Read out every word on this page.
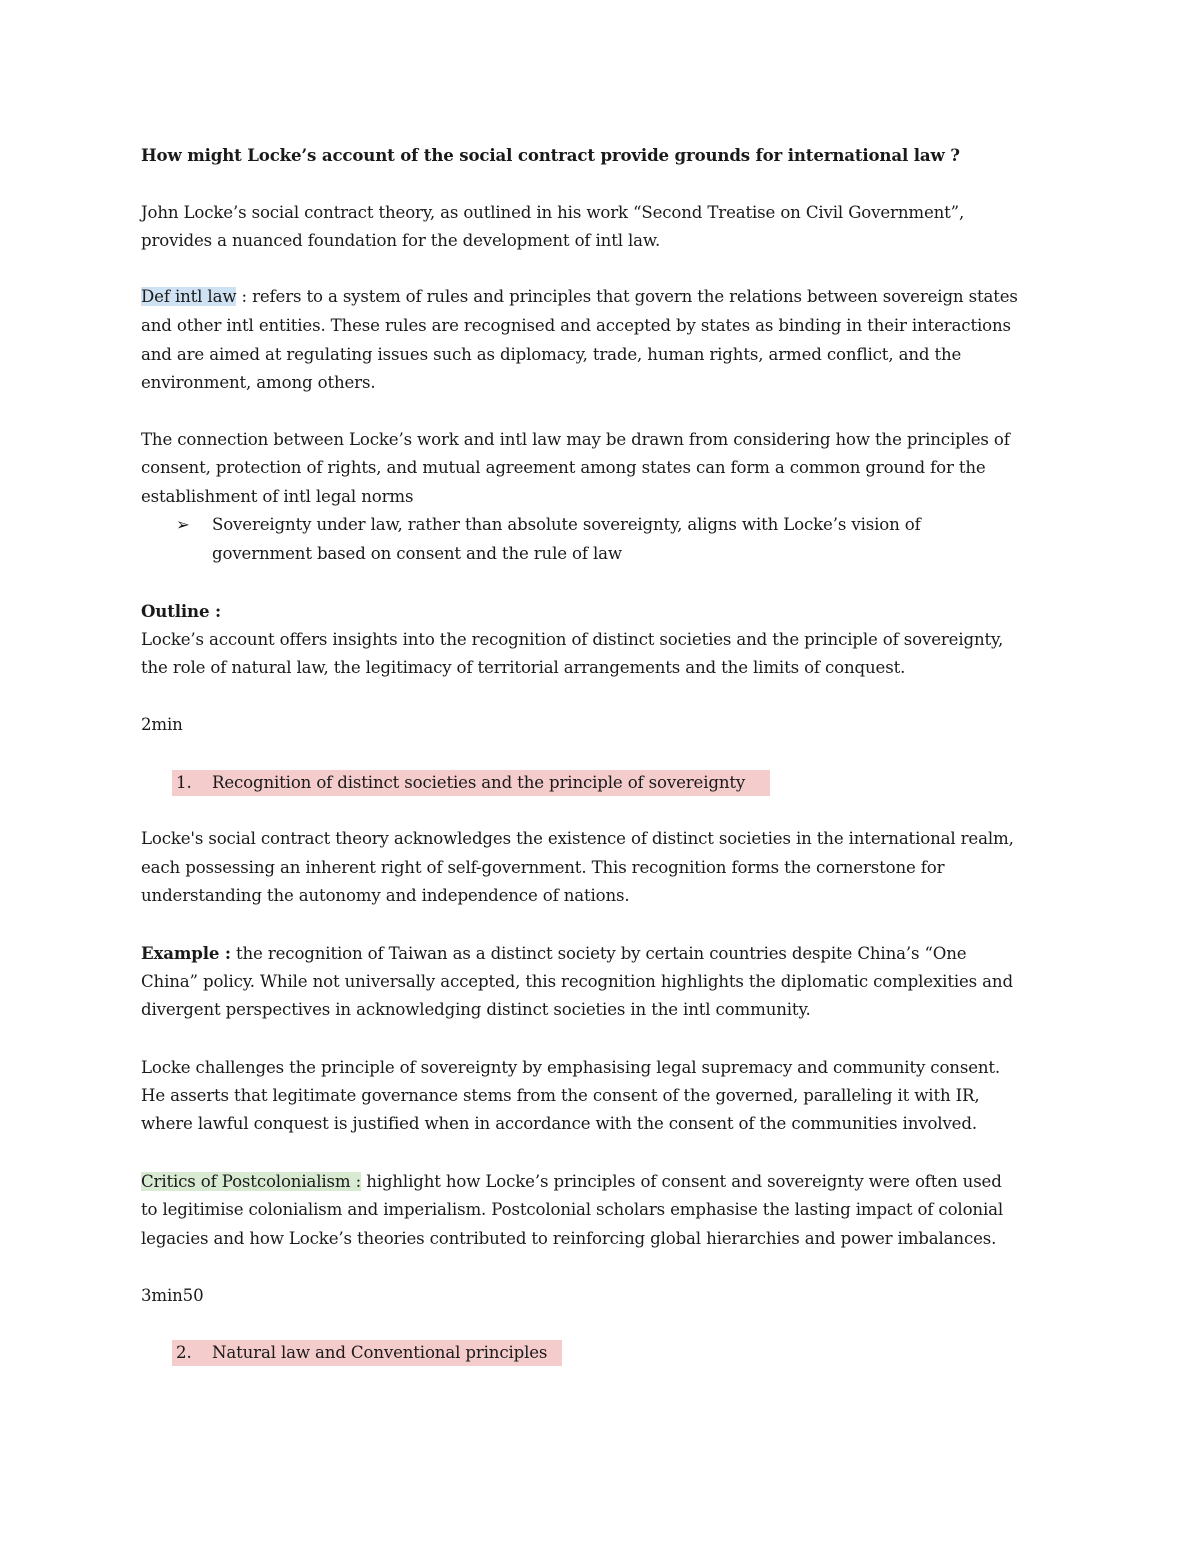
How might Locke’s account of the social contract provide grounds for international law ?

John Locke’s social contract theory, as outlined in his work “Second Treatise on Civil Government”,

provides a nuanced foundation for the development of intl law.

Def intl law : refers to a system of rules and principles that govern the relations between sovereign states

and other intl entities. These rules are recognised and accepted by states as binding in their interactions

and are aimed at regulating issues such as diplomacy, trade, human rights, armed conflict, and the

environment, among others.

The connection between Locke’s work and intl law may be drawn from considering how the principles of

consent, protection of rights, and mutual agreement among states can form a common ground for the

establishment of intl legal norms

➢ Sovereignty under law, rather than absolute sovereignty, aligns with Locke’s vision of

government based on consent and the rule of law

Outline :

Locke’s account offers insights into the recognition of distinct societies and the principle of sovereignty,

the role of natural law, the legitimacy of territorial arrangements and the limits of conquest.

2min

1. Recognition of distinct societies and the principle of sovereignty

Locke's social contract theory acknowledges the existence of distinct societies in the international realm,

each possessing an inherent right of self-government. This recognition forms the cornerstone for

understanding the autonomy and independence of nations.

Example : the recognition of Taiwan as a distinct society by certain countries despite China’s “One

China” policy. While not universally accepted, this recognition highlights the diplomatic complexities and

divergent perspectives in acknowledging distinct societies in the intl community.

Locke challenges the principle of sovereignty by emphasising legal supremacy and community consent.

He asserts that legitimate governance stems from the consent of the governed, paralleling it with IR,

where lawful conquest is justified when in accordance with the consent of the communities involved.

Critics of Postcolonialism : highlight how Locke’s principles of consent and sovereignty were often used

to legitimise colonialism and imperialism. Postcolonial scholars emphasise the lasting impact of colonial

legacies and how Locke’s theories contributed to reinforcing global hierarchies and power imbalances.

3min50

2. Natural law and Conventional principles
